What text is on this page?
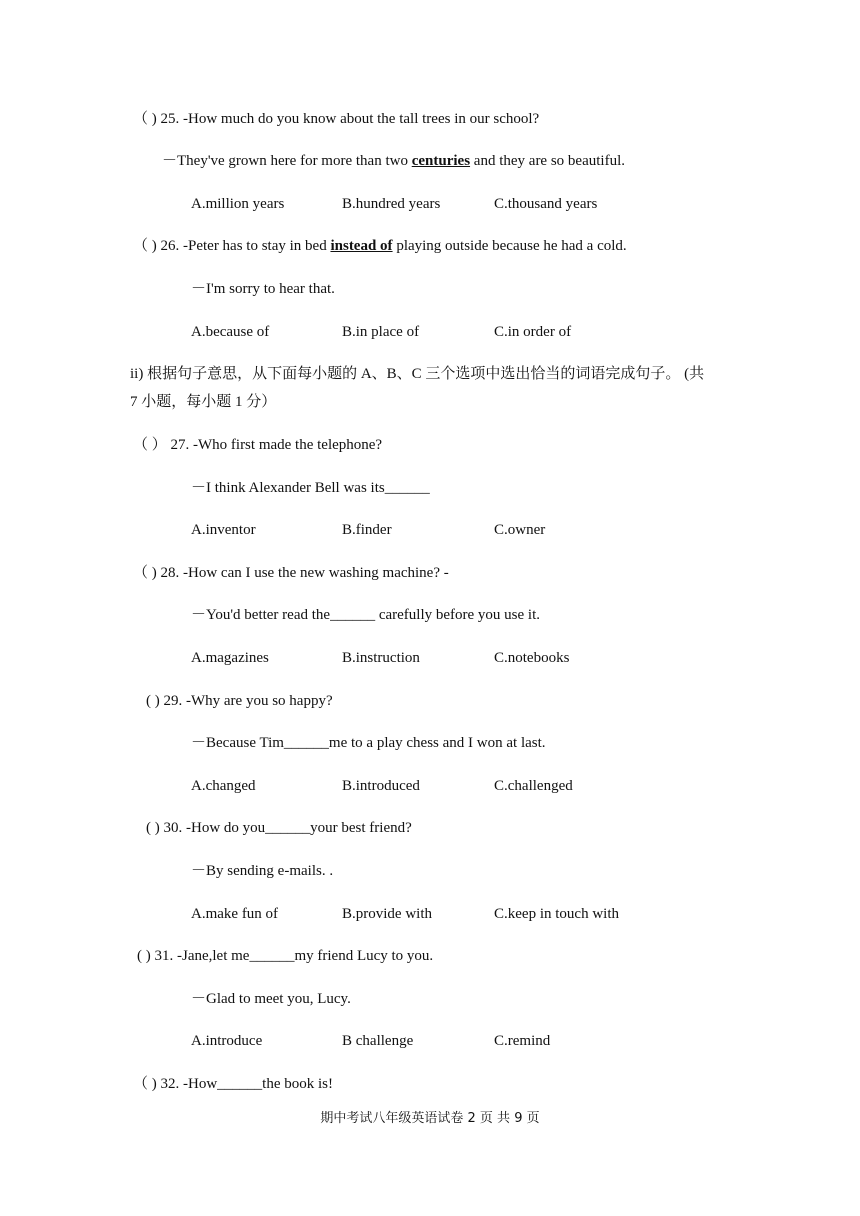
（ ) 25. -How much do you know about the tall trees in our school?
－They've grown here for more than two centuries and they are so beautiful.
A.million years	B.hundred years	C.thousand years
（ ) 26. -Peter has to stay in bed instead of playing outside because he had a cold.
－I'm sorry to hear that.
A.because of	B.in place of	C.in order of
ii) 根据句子意思，从下面每小题的 A、B、C 三个选项中选出恰当的词语完成句子。 (共
7 小题，每小题 1 分）
（ ） 27. -Who first made the telephone?
－I think Alexander Bell was its______
A.inventor	B.finder	C.owner
（ ) 28. -How can I use the new washing machine? -
－You'd better read the______ carefully before you use it.
A.magazines	B.instruction	C.notebooks
( ) 29. -Why are you so happy?
－Because Tim______me to a play chess and I won at last.
A.changed	B.introduced	C.challenged
( ) 30. -How do you______your best friend?
－By sending e-mails. .
A.make fun of	B.provide with	C.keep in touch with
( ) 31. -Jane,let me______my friend Lucy to you.
－Glad to meet you, Lucy.
A.introduce	B challenge	C.remind
（ ) 32. -How______the book is!
期中考试八年级英语试卷 2 页 共 9 页
